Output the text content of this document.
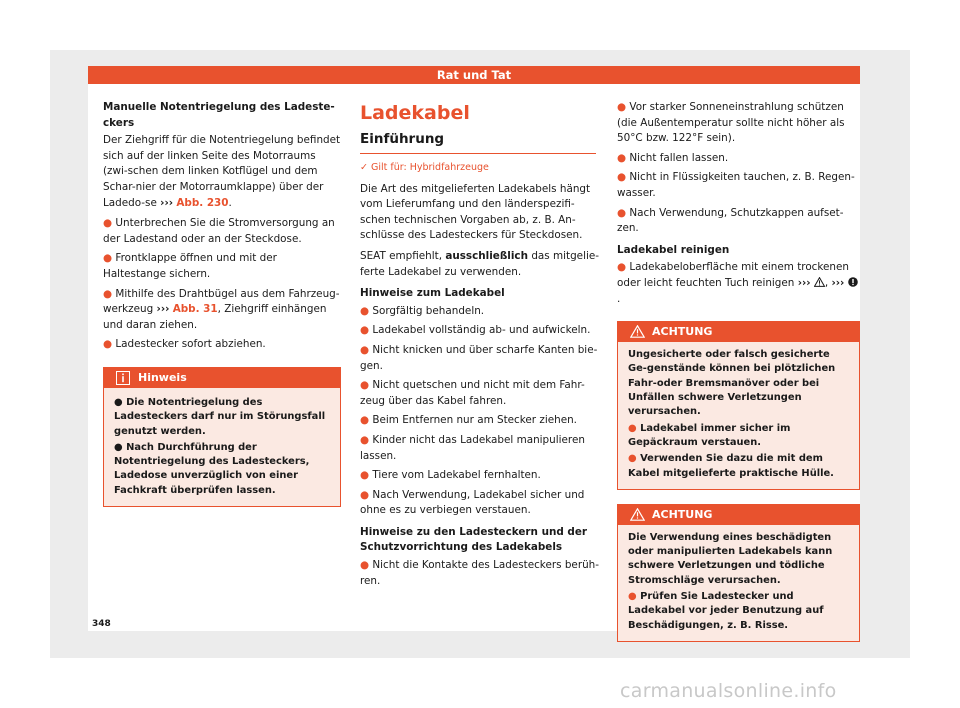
Rat und Tat
Manuelle Notentriegelung des Ladeste-ckers

Der Ziehgriff für die Notentriegelung befindet sich auf der linken Seite des Motorraums (zwi-schen dem linken Kotflügel und dem Schar-nier der Motorraumklappe) über der Ladedo-se ››› Abb. 230.

● Unterbrechen Sie die Stromversorgung an der Ladestand oder an der Steckdose.
● Frontklappe öffnen und mit der Haltestange sichern.
● Mithilfe des Drahtbügel aus dem Fahrzeug-werkzeug ››› Abb. 31, Ziehgriff einhängen und daran ziehen.
● Ladestecker sofort abziehen.
Hinweis
● Die Notentriegelung des Ladesteckers darf nur im Störungsfall genutzt werden.
● Nach Durchführung der Notentriegelung des Ladesteckers, Ladedose unverzüglich von einer Fachkraft überprüfen lassen.
Ladekabel
Einführung
✓ Gilt für: Hybridfahrzeuge

Die Art des mitgelieferten Ladekabels hängt vom Lieferumfang und den länderspezifi-schen technischen Vorgaben ab, z. B. An-schlüsse des Ladesteckers für Steckdosen.

SEAT empfiehlt, ausschließlich das mitgelie-ferte Ladekabel zu verwenden.

Hinweise zum Ladekabel
● Sorgfältig behandeln.
● Ladekabel vollständig ab- und aufwickeln.
● Nicht knicken und über scharfe Kanten bie-gen.
● Nicht quetschen und nicht mit dem Fahr-zeug über das Kabel fahren.
● Beim Entfernen nur am Stecker ziehen.
● Kinder nicht das Ladekabel manipulieren lassen.
● Tiere vom Ladekabel fernhalten.
● Nach Verwendung, Ladekabel sicher und ohne es zu verbiegen verstauen.
Hinweise zu den Ladesteckern und der Schutzvorrichtung des Ladekabels
● Nicht die Kontakte des Ladesteckers berüh-ren.
● Vor starker Sonneneinstrahlung schützen (die Außentemperatur sollte nicht höher als 50°C bzw. 122°F sein).
● Nicht fallen lassen.
● Nicht in Flüssigkeiten tauchen, z. B. Regen-wasser.
● Nach Verwendung, Schutzkappen aufset-zen.
Ladekabel reinigen
● Ladekabeloberfläche mit einem trockenen oder leicht feuchten Tuch reinigen ››› , ››› .
ACHTUNG

Ungesicherte oder falsch gesicherte Ge-genstände können bei plötzlichen Fahr-oder Bremsmanöver oder bei Unfällen schwere Verletzungen verursachen.

● Ladekabel immer sicher im Gepäckraum verstauen.
● Verwenden Sie dazu die mit dem Kabel mitgelieferte praktische Hülle.
ACHTUNG

Die Verwendung eines beschädigten oder manipulierten Ladekabels kann schwere Verletzungen und tödliche Stromschläge verursachen.

● Prüfen Sie Ladestecker und Ladekabel vor jeder Benutzung auf Beschädigungen, z. B. Risse.
348
carmanualsonline.info
